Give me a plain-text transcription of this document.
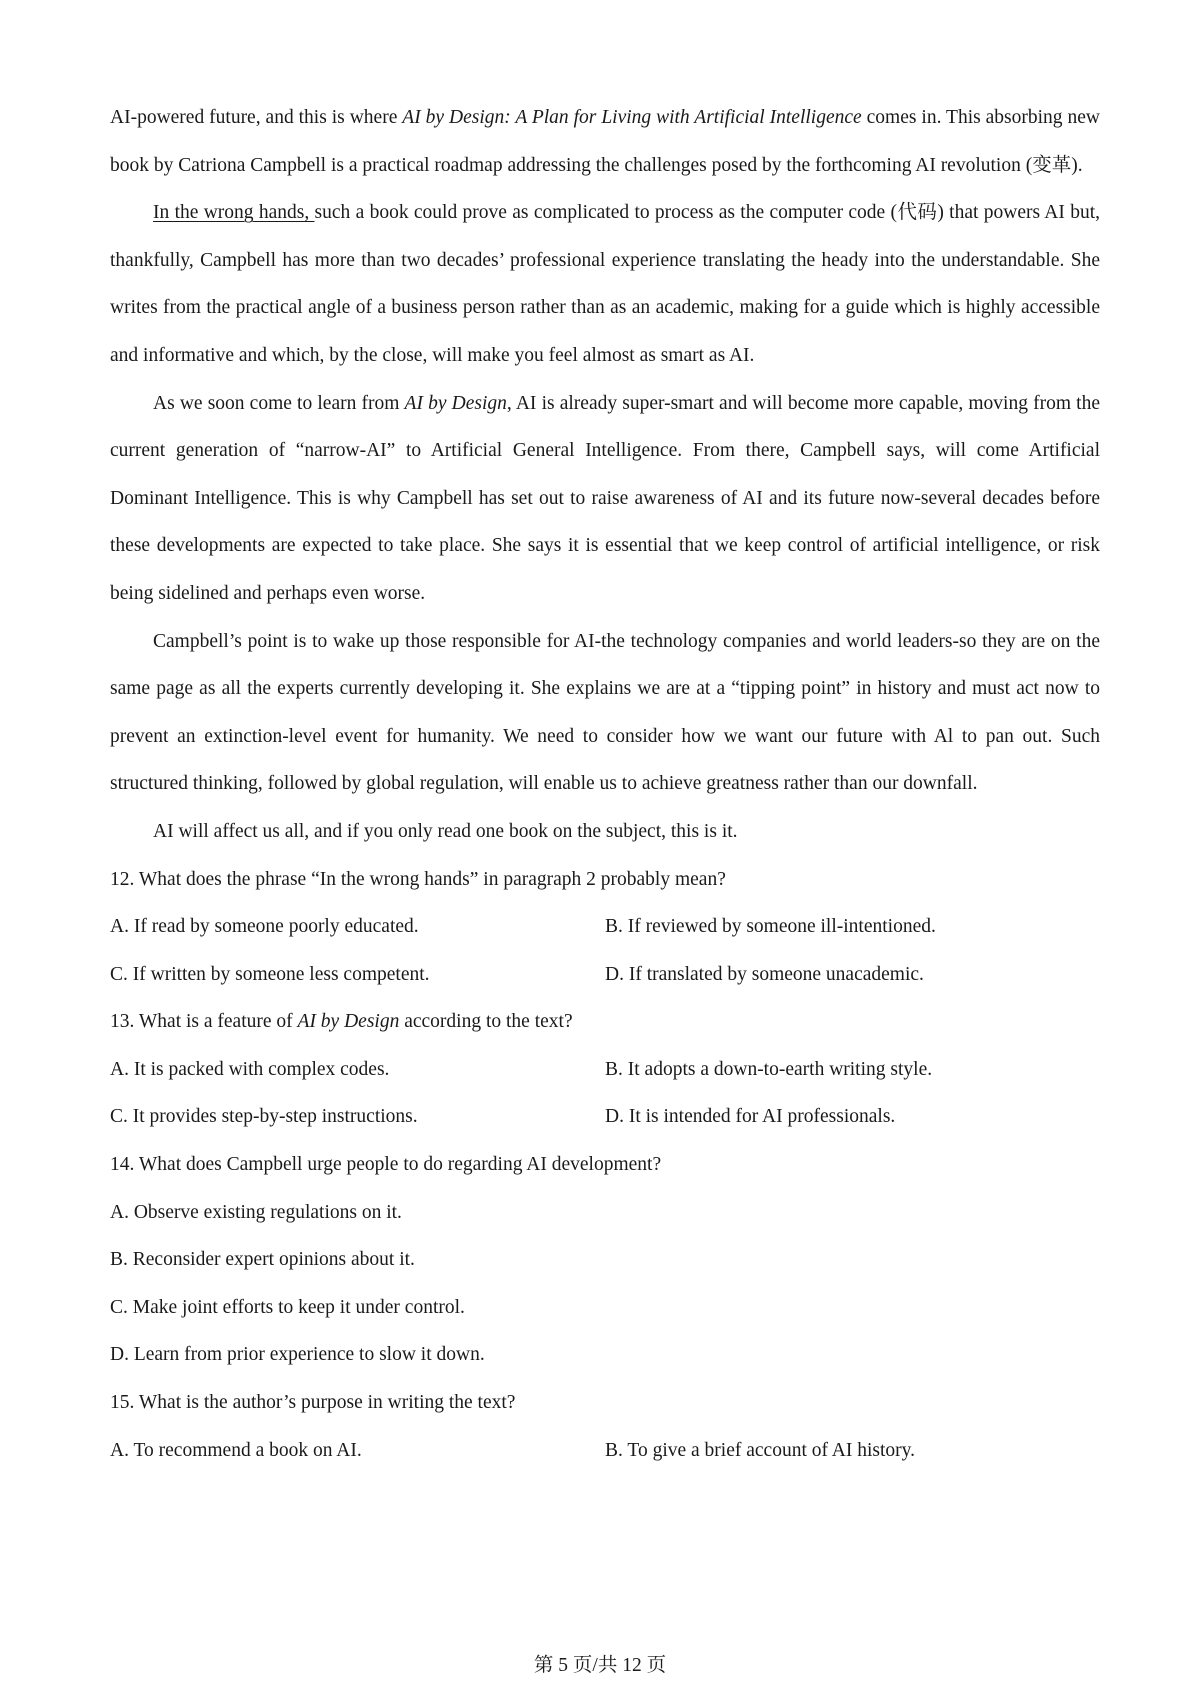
AI-powered future, and this is where AI by Design: A Plan for Living with Artificial Intelligence comes in. This absorbing new book by Catriona Campbell is a practical roadmap addressing the challenges posed by the forthcoming AI revolution (变革).

In the wrong hands, such a book could prove as complicated to process as the computer code (代码) that powers AI but, thankfully, Campbell has more than two decades’ professional experience translating the heady into the understandable. She writes from the practical angle of a business person rather than as an academic, making for a guide which is highly accessible and informative and which, by the close, will make you feel almost as smart as AI.

As we soon come to learn from AI by Design, AI is already super-smart and will become more capable, moving from the current generation of “narrow-AI” to Artificial General Intelligence. From there, Campbell says, will come Artificial Dominant Intelligence. This is why Campbell has set out to raise awareness of AI and its future now-several decades before these developments are expected to take place. She says it is essential that we keep control of artificial intelligence, or risk being sidelined and perhaps even worse.

Campbell’s point is to wake up those responsible for AI-the technology companies and world leaders-so they are on the same page as all the experts currently developing it. She explains we are at a “tipping point” in history and must act now to prevent an extinction-level event for humanity. We need to consider how we want our future with Al to pan out. Such structured thinking, followed by global regulation, will enable us to achieve greatness rather than our downfall.

AI will affect us all, and if you only read one book on the subject, this is it.

12. What does the phrase “In the wrong hands” in paragraph 2 probably mean?

A. If read by someone poorly educated.	B. If reviewed by someone ill-intentioned.

C. If written by someone less competent.	D. If translated by someone unacademic.

13. What is a feature of AI by Design according to the text?

A. It is packed with complex codes.	B. It adopts a down-to-earth writing style.

C. It provides step-by-step instructions.	D. It is intended for AI professionals.

14. What does Campbell urge people to do regarding AI development?

A. Observe existing regulations on it.

B. Reconsider expert opinions about it.

C. Make joint efforts to keep it under control.

D. Learn from prior experience to slow it down.

15. What is the author’s purpose in writing the text?

A. To recommend a book on AI.	B. To give a brief account of AI history.

第 5 页/共 12 页
